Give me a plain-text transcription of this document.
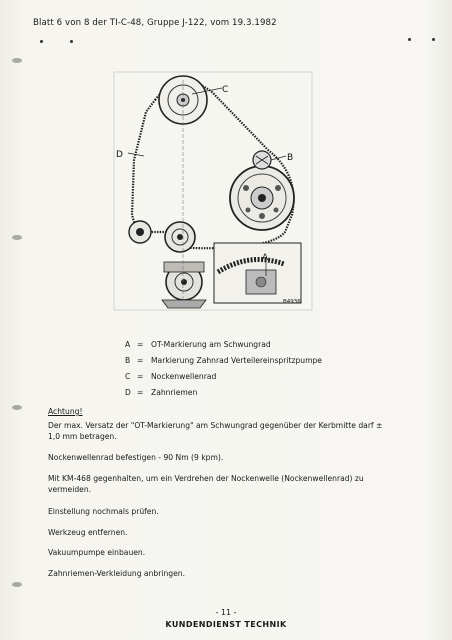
Blatt 6 von 8 der TI-C-48, Gruppe J-122, vom 19.3.1982
C
D	B
A
B4936
A = OT-Markierung am Schwungrad
B = Markierung Zahnrad Verteilereinspritzpumpe
C = Nockenwellenrad
D = Zahnriemen
Achtung!
Der max. Versatz der "OT-Markierung" am Schwungrad gegenüber der Kerbmitte darf ± 1,0 mm betragen.
Nockenwellenrad befestigen - 90 Nm (9 kpm).
Mit KM-468 gegenhalten, um ein Verdrehen der Nockenwelle (Nockenwellenrad) zu vermeiden.
Einstellung nochmals prüfen.
Werkzeug entfernen.
Vakuumpumpe einbauen.
Zahnriemen-Verkleidung anbringen.
- 11 -
KUNDENDIENST TECHNIK
